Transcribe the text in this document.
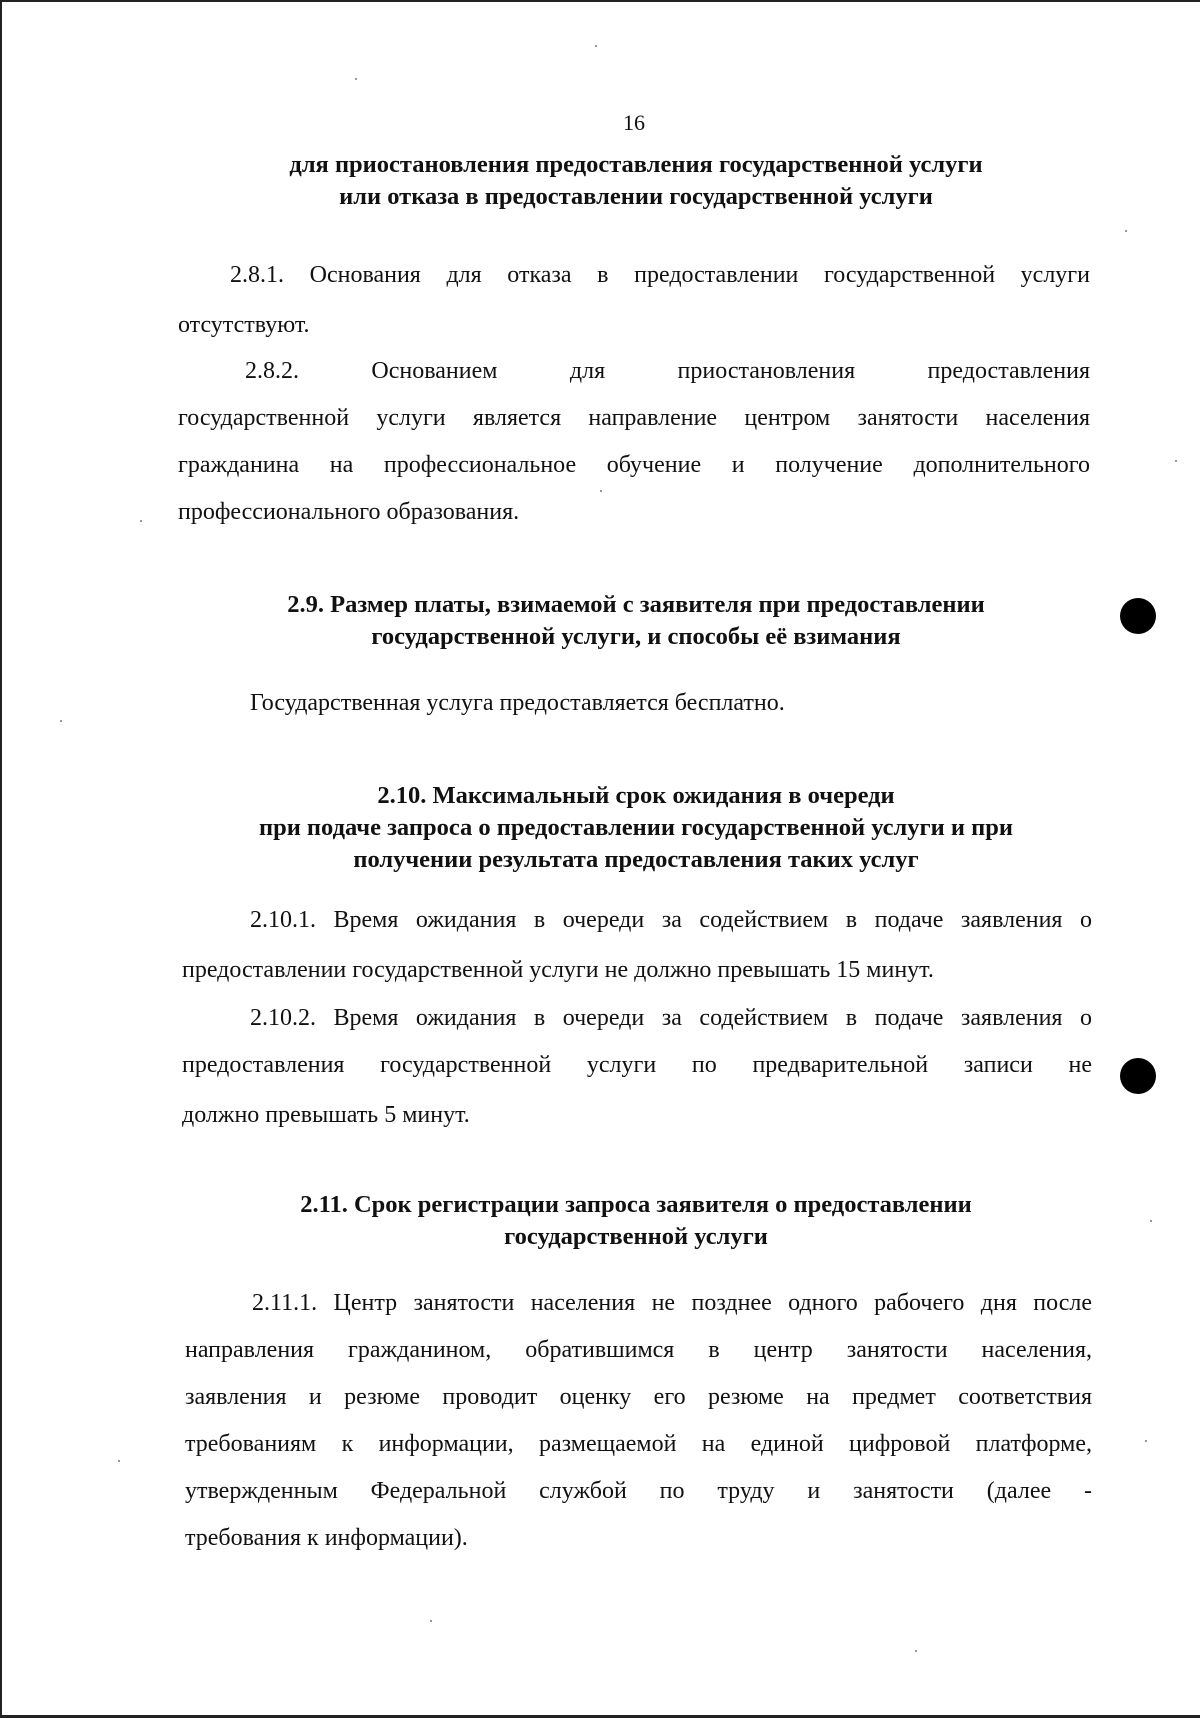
16
для приостановления предоставления государственной услуги
или отказа в предоставлении государственной услуги
2.8.1. Основания для отказа в предоставлении государственной услуги
отсутствуют.
2.8.2. Основанием для приостановления предоставления
государственной услуги является направление центром занятости населения
гражданина на профессиональное обучение и получение дополнительного
профессионального образования.
2.9. Размер платы, взимаемой с заявителя при предоставлении
государственной услуги, и способы её взимания
Государственная услуга предоставляется бесплатно.
2.10. Максимальный срок ожидания в очереди
при подаче запроса о предоставлении государственной услуги и при
получении результата предоставления таких услуг
2.10.1. Время ожидания в очереди за содействием в подаче заявления о
предоставлении государственной услуги не должно превышать 15 минут.
2.10.2. Время ожидания в очереди за содействием в подаче заявления о
предоставления государственной услуги по предварительной записи не
должно превышать 5 минут.
2.11. Срок регистрации запроса заявителя о предоставлении
государственной услуги
2.11.1. Центр занятости населения не позднее одного рабочего дня после
направления гражданином, обратившимся в центр занятости населения,
заявления и резюме проводит оценку его резюме на предмет соответствия
требованиям к информации, размещаемой на единой цифровой платформе,
утвержденным Федеральной службой по труду и занятости (далее -
требования к информации).
